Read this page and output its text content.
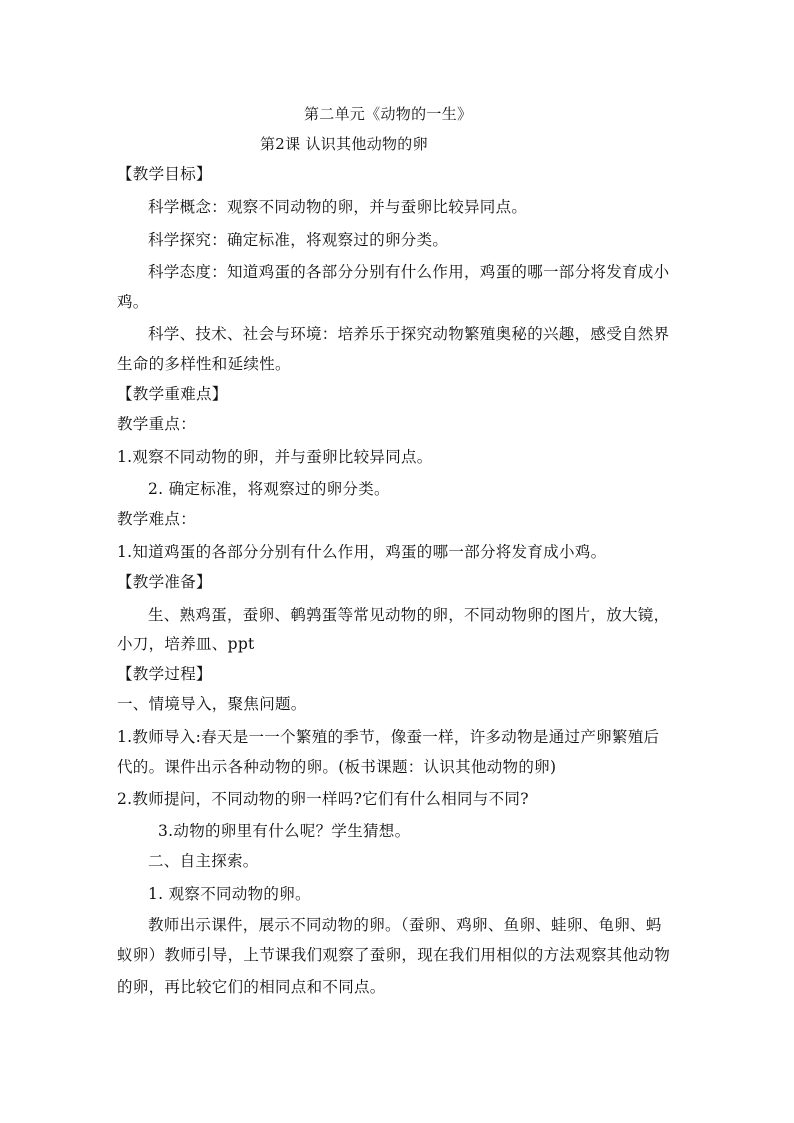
第二单元《动物的一生》
第2课 认识其他动物的卵
【教学目标】
科学概念：观察不同动物的卵，并与蚕卵比较异同点。
科学探究：确定标准，将观察过的卵分类。
科学态度：知道鸡蛋的各部分分别有什么作用，鸡蛋的哪一部分将发育成小
鸡。
科学、技术、社会与环境：培养乐于探究动物繁殖奥秘的兴趣，感受自然界
生命的多样性和延续性。
【教学重难点】
教学重点：
1.观察不同动物的卵，并与蚕卵比较异同点。
2. 确定标准，将观察过的卵分类。
教学难点：
1.知道鸡蛋的各部分分别有什么作用，鸡蛋的哪一部分将发育成小鸡。
【教学准备】
生、熟鸡蛋，蚕卵、鹌鹑蛋等常见动物的卵，不同动物卵的图片，放大镜，
小刀，培养皿、ppt
【教学过程】
一、情境导入，聚焦问题。
1.教师导入:春天是一一个繁殖的季节，像蚕一样，许多动物是通过产卵繁殖后
代的。课件出示各种动物的卵。(板书课题：认识其他动物的卵)
2.教师提问，不同动物的卵一样吗?它们有什么相同与不同?
3.动物的卵里有什么呢？学生猜想。
二、自主探索。
1. 观察不同动物的卵。
教师出示课件，展示不同动物的卵。（蚕卵、鸡卵、鱼卵、蛙卵、龟卵、蚂
蚁卵）教师引导，上节课我们观察了蚕卵，现在我们用相似的方法观察其他动物
的卵，再比较它们的相同点和不同点。
